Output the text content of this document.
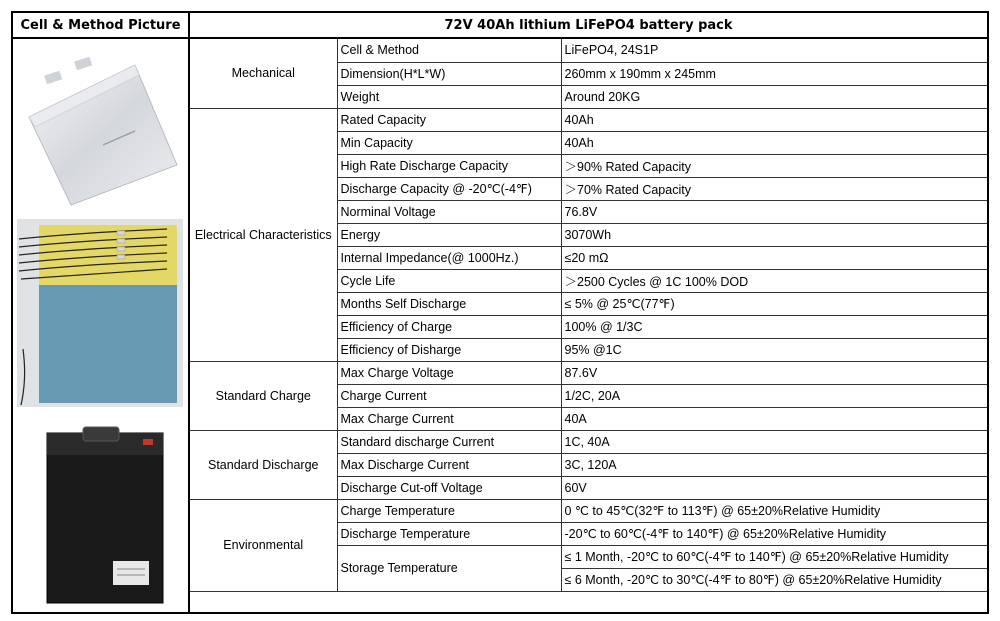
Cell & Method Picture	72V 40Ah lithium LiFePO4 battery pack
Mechanical	Cell & Method	LiFePO4, 24S1P
	Dimension(H*L*W)	260mm x 190mm x 245mm
	Weight	Around 20KG
Electrical Characteristics	Rated Capacity	40Ah
	Min Capacity	40Ah
	High Rate Discharge Capacity	＞90% Rated Capacity
	Discharge Capacity @ -20℃(-4℉)	＞70% Rated Capacity
	Norminal Voltage	76.8V
	Energy	3070Wh
	Internal Impedance(@ 1000Hz.)	≤20 mΩ
	Cycle Life	＞2500 Cycles @ 1C 100% DOD
	Months Self Discharge	≤ 5% @ 25℃(77℉)
	Efficiency of Charge	100% @ 1/3C
	Efficiency of Disharge	95% @1C
Standard Charge	Max Charge Voltage	87.6V
	Charge Current	1/2C, 20A
	Max Charge Current	40A
Standard Discharge	Standard discharge Current	1C, 40A
	Max Discharge Current	3C, 120A
	Discharge Cut-off Voltage	60V
Environmental	Charge Temperature	0 ℃ to 45℃(32℉ to 113℉) @ 65±20%Relative Humidity
	Discharge Temperature	-20℃ to 60℃(-4℉ to 140℉) @ 65±20%Relative Humidity
	Storage Temperature	≤ 1 Month, -20℃ to 60℃(-4℉ to 140℉) @ 65±20%Relative Humidity
		≤ 6 Month, -20℃ to 30℃(-4℉ to 80℉) @ 65±20%Relative Humidity
